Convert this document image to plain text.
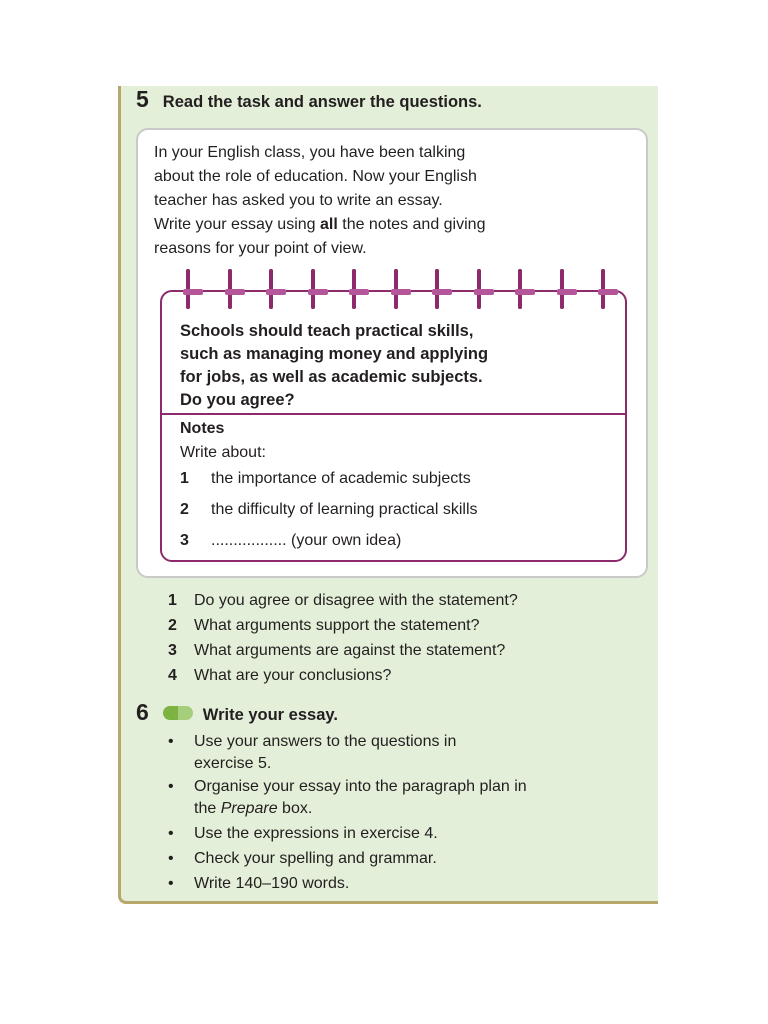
5 Read the task and answer the questions.

In your English class, you have been talking
about the role of education. Now your English
teacher has asked you to write an essay.
Write your essay using all the notes and giving
reasons for your point of view.

Schools should teach practical skills,
such as managing money and applying
for jobs, as well as academic subjects.
Do you agree?

Notes
Write about:
1	the importance of academic subjects
2	the difficulty of learning practical skills
3	................. (your own idea)
1	Do you agree or disagree with the statement?
2	What arguments support the statement?
3	What arguments are against the statement?
4	What are your conclusions?
6	Write your essay.
•	Use your answers to the questions in
exercise 5.

•	Organise your essay into the paragraph plan in
the Prepare box.

•	Use the expressions in exercise 4.

•	Check your spelling and grammar.

•	Write 140–190 words.
